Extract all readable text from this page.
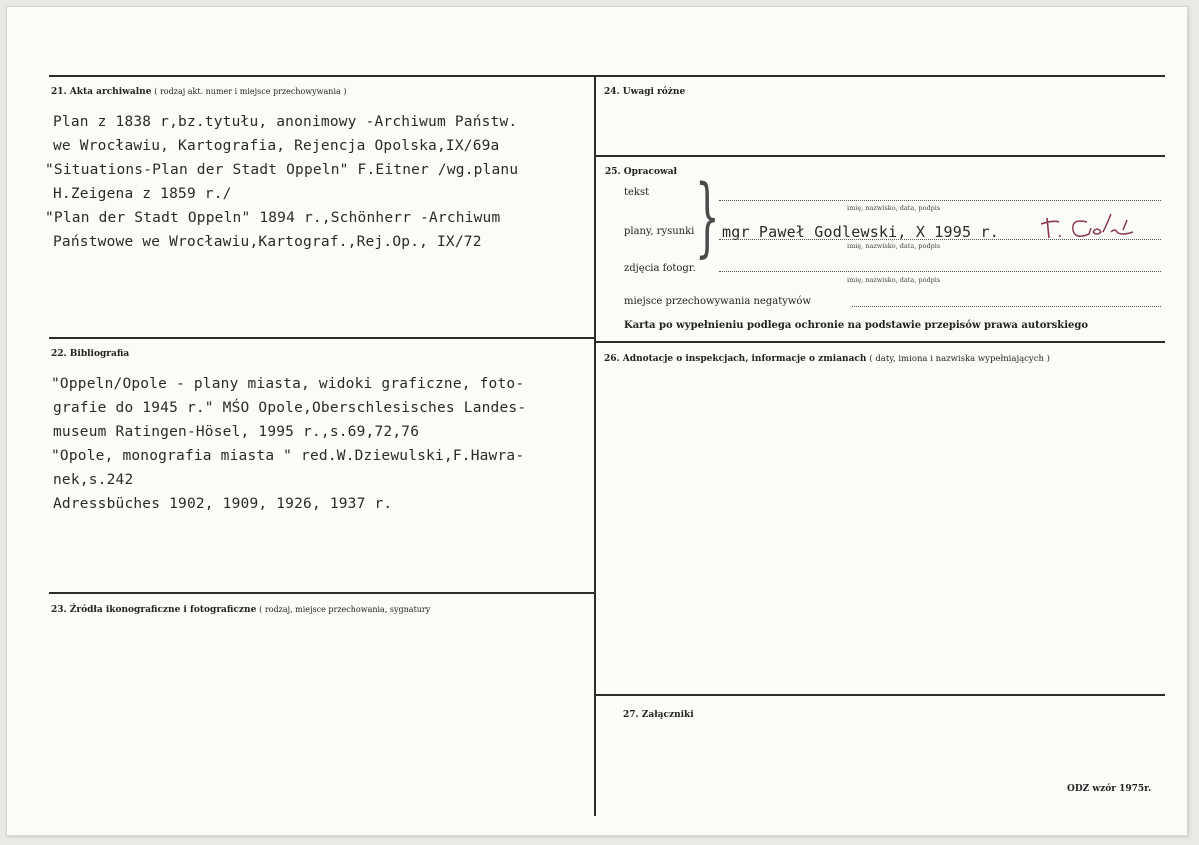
21. Akta archiwalne ( rodzaj akt. numer i miejsce przechowywania )
Plan z 1838 r,bz.tytułu, anonimowy -Archiwum Państw.
we Wrocławiu, Kartografia, Rejencja Opolska,IX/69a
"Situations-Plan der Stadt Oppeln" F.Eitner /wg.planu
H.Zeigena z 1859 r./
"Plan der Stadt Oppeln" 1894 r.,Schönherr -Archiwum
Państwowe we Wrocławiu,Kartograf.,Rej.Op., IX/72
22. Bibliografia
"Oppeln/Opole - plany miasta, widoki graficzne, foto-
grafie do 1945 r." MŚO Opole,Oberschlesisches Landes-
museum Ratingen-Hösel, 1995 r.,s.69,72,76
"Opole, monografia miasta " red.W.Dziewulski,F.Hawra-
nek,s.242
Adressbüches 1902, 1909, 1926, 1937 r.
23. Źródła ikonograficzne i fotograficzne ( rodzaj, miejsce przechowania, sygnatury
24. Uwagi różne
25. Opracował
tekst
imię, nazwisko, data, podpis
plany, rysunki mgr Paweł Godlewski, X 1995 r.
imię, nazwisko, data, podpis
zdjęcia fotogr.
imię, nazwisko, data, podpis
}
miejsce przechowywania negatywów
Karta po wypełnieniu podlega ochronie na podstawie przepisów prawa autorskiego
26. Adnotacje o inspekcjach, informacje o zmianach ( daty, imiona i nazwiska wypełniających )
27. Załączniki
ODZ wzór 1975r.
